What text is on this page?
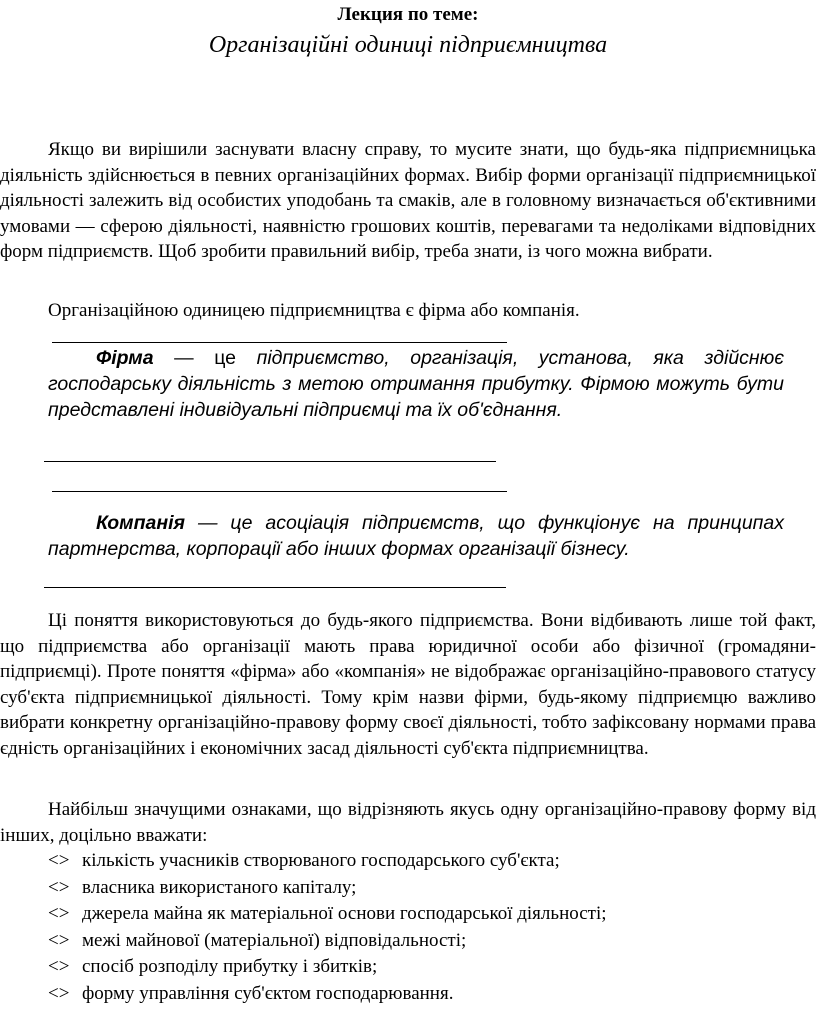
Лекция по теме:
Організаційні одиниці підприємництва
Якщо ви вирішили заснувати власну справу, то мусите знати, що будь-яка підприємницька діяльність здійснюється в певних організаційних формах. Вибір форми організації підприємницької діяльності залежить від особистих уподобань та смаків, але в головному визначається об'єктивними умовами — сферою діяльності, наявністю грошових коштів, перевагами та недоліками відповідних форм підприємств. Щоб зробити правильний вибір, треба знати, із чого можна вибрати.
Організаційною одиницею підприємництва є фірма або компанія.
Фірма — це підприємство, організація, установа, яка здійснює господарську діяльність з метою отримання прибутку. Фірмою можуть бути представлені індивідуальні підприємці та їх об'єднання.
Компанія — це асоціація підприємств, що функціонує на принципах партнерства, корпорації або інших формах організації бізнесу.
Ці поняття використовуються до будь-якого підприємства. Вони відбивають лише той факт, що підприємства або організації мають права юридичної особи або фізичної (громадяни-підприємці). Проте поняття «фірма» або «компанія» не відображає організаційно-правового статусу суб'єкта підприємницької діяльності. Тому крім назви фірми, будь-якому підприємцю важливо вибрати конкретну організаційно-правову форму своєї діяльності, тобто зафіксовану нормами права єдність організаційних і економічних засад діяльності суб'єкта підприємництва.
Найбільш значущими ознаками, що відрізняють якусь одну організаційно-правову форму від інших, доцільно вважати:
<> кількість учасників створюваного господарського суб'єкта;
<> власника використаного капіталу;
<> джерела майна як матеріальної основи господарської діяльності;
<> межі майнової (матеріальної) відповідальності;
<> спосіб розподілу прибутку і збитків;
<> форму управління суб'єктом господарювання.
